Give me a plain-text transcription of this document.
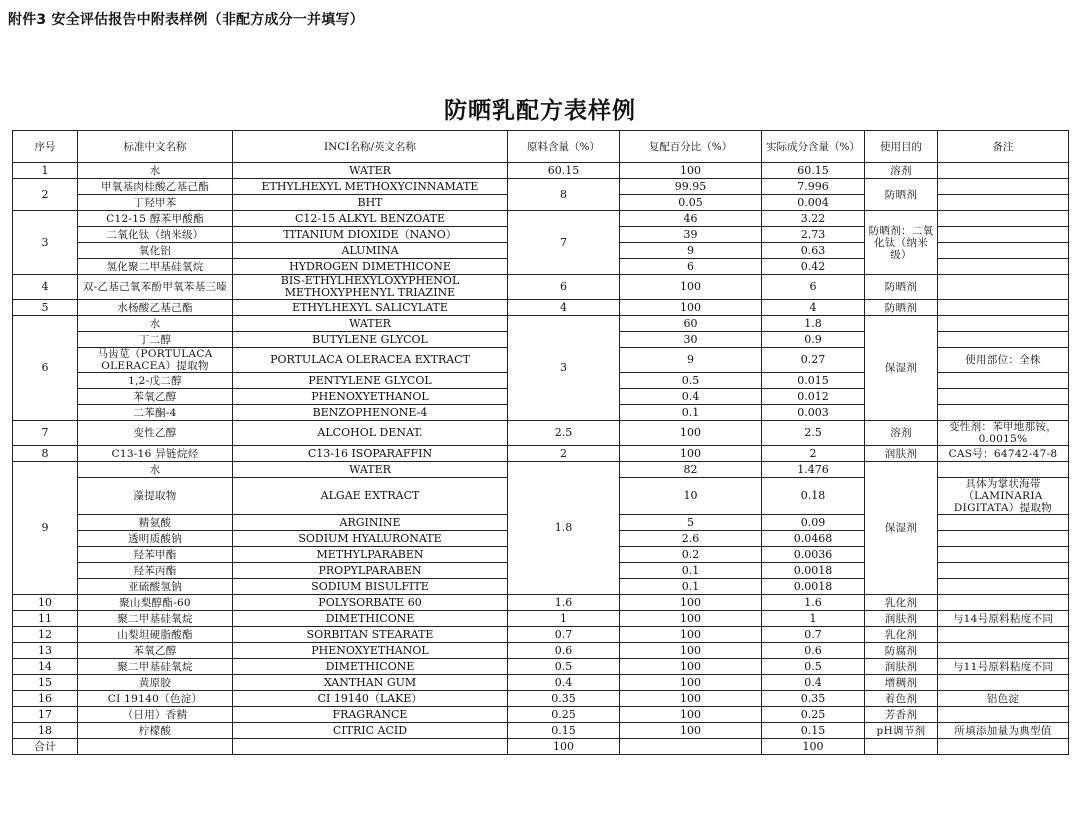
附件3 安全评估报告中附表样例（非配方成分一并填写）
防晒乳配方表样例
序号	标准中文名称	INCI名称/英文名称	原料含量（%）	复配百分比（%）	实际成分含量（%）	使用目的	备注
1	水	WATER	60.15	100	60.15	溶剂	
2	甲氧基肉桂酸乙基己酯	ETHYLHEXYL METHOXYCINNAMATE	8	99.95	7.996	防晒剂	
	丁羟甲苯	BHT		0.05	0.004		
3	C12-15 醇苯甲酸酯	C12-15 ALKYL BENZOATE	7	46	3.22	防晒剂：二氧化钛（纳米级）	
	二氧化钛（纳米级）	TITANIUM DIOXIDE（NANO）		39	2.73		
	氧化铝	ALUMINA		9	0.63		
	氢化聚二甲基硅氧烷	HYDROGEN DIMETHICONE		6	0.42		
4	双-乙基己氧苯酚甲氧苯基三嗪	BIS-ETHYLHEXYLOXYPHENOL METHOXYPHENYL TRIAZINE	6	100	6	防晒剂	
5	水杨酸乙基己酯	ETHYLHEXYL SALICYLATE	4	100	4	防晒剂	
6	水	WATER	3	60	1.8	保湿剂	
	丁二醇	BUTYLENE GLYCOL		30	0.9		
	马齿苋（PORTULACA OLERACEA）提取物	PORTULACA OLERACEA EXTRACT		9	0.27		使用部位：全株
	1,2-戊二醇	PENTYLENE GLYCOL		0.5	0.015		
	苯氧乙醇	PHENOXYETHANOL		0.4	0.012		
	二苯酮-4	BENZOPHENONE-4		0.1	0.003		
7	变性乙醇	ALCOHOL DENAT.	2.5	100	2.5	溶剂	变性剂：苯甲地那铵，0.0015%
8	C13-16 异链烷烃	C13-16 ISOPARAFFIN	2	100	2	润肤剂	CAS号：64742-47-8
9	水	WATER	1.8	82	1.476	保湿剂	
	藻提取物	ALGAE EXTRACT		10	0.18		具体为掌状海带（LAMINARIA DIGITATA）提取物
	精氨酸	ARGININE		5	0.09		
	透明质酸钠	SODIUM HYALURONATE		2.6	0.0468		
	羟苯甲酯	METHYLPARABEN		0.2	0.0036		
	羟苯丙酯	PROPYLPARABEN		0.1	0.0018		
	亚硫酸氢钠	SODIUM BISULFITE		0.1	0.0018		
10	聚山梨醇酯-60	POLYSORBATE 60	1.6	100	1.6	乳化剂	
11	聚二甲基硅氧烷	DIMETHICONE	1	100	1	润肤剂	与14号原料粘度不同
12	山梨坦硬脂酸酯	SORBITAN STEARATE	0.7	100	0.7	乳化剂	
13	苯氧乙醇	PHENOXYETHANOL	0.6	100	0.6	防腐剂	
14	聚二甲基硅氧烷	DIMETHICONE	0.5	100	0.5	润肤剂	与11号原料粘度不同
15	黄原胶	XANTHAN GUM	0.4	100	0.4	增稠剂	
16	CI 19140（色淀）	CI 19140（LAKE）	0.35	100	0.35	着色剂	铝色淀
17	（日用）香精	FRAGRANCE	0.25	100	0.25	芳香剂	
18	柠檬酸	CITRIC ACID	0.15	100	0.15	pH调节剂	所填添加量为典型值
合计			100		100		
